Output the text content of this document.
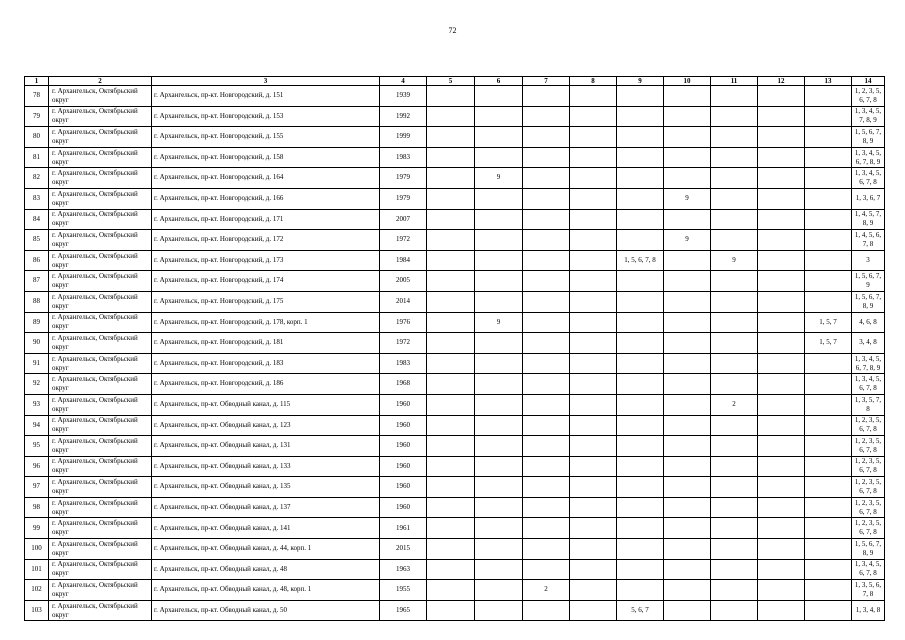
72
1	2	3	4	5	6	7	8	9	10	11	12	13	14
78	г. Архангельск, Октябрьский округ	г. Архангельск, пр-кт. Новгородский, д. 151	1939										1, 2, 3, 5, 6, 7, 8
79	г. Архангельск, Октябрьский округ	г. Архангельск, пр-кт. Новгородский, д. 153	1992										1, 3, 4, 5, 7, 8, 9
80	г. Архангельск, Октябрьский округ	г. Архангельск, пр-кт. Новгородский, д. 155	1999										1, 5, 6, 7, 8, 9
81	г. Архангельск, Октябрьский округ	г. Архангельск, пр-кт. Новгородский, д. 158	1983										1, 3, 4, 5, 6, 7, 8, 9
82	г. Архангельск, Октябрьский округ	г. Архангельск, пр-кт. Новгородский, д. 164	1979		9								1, 3, 4, 5, 6, 7, 8
83	г. Архангельск, Октябрьский округ	г. Архангельск, пр-кт. Новгородский, д. 166	1979						9				1, 3, 6, 7
84	г. Архангельск, Октябрьский округ	г. Архангельск, пр-кт. Новгородский, д. 171	2007										1, 4, 5, 7, 8, 9
85	г. Архангельск, Октябрьский округ	г. Архангельск, пр-кт. Новгородский, д. 172	1972						9				1, 4, 5, 6, 7, 8
86	г. Архангельск, Октябрьский округ	г. Архангельск, пр-кт. Новгородский, д. 173	1984					1, 5, 6, 7, 8		9			3
87	г. Архангельск, Октябрьский округ	г. Архангельск, пр-кт. Новгородский, д. 174	2005										1, 5, 6, 7, 9
88	г. Архангельск, Октябрьский округ	г. Архангельск, пр-кт. Новгородский, д. 175	2014										1, 5, 6, 7, 8, 9
89	г. Архангельск, Октябрьский округ	г. Архангельск, пр-кт. Новгородский, д. 178, корп. 1	1976		9							1, 5, 7	4, 6, 8
90	г. Архангельск, Октябрьский округ	г. Архангельск, пр-кт. Новгородский, д. 181	1972									1, 5, 7	3, 4, 8
91	г. Архангельск, Октябрьский округ	г. Архангельск, пр-кт. Новгородский, д. 183	1983										1, 3, 4, 5, 6, 7, 8, 9
92	г. Архангельск, Октябрьский округ	г. Архангельск, пр-кт. Новгородский, д. 186	1968										1, 3, 4, 5, 6, 7, 8
93	г. Архангельск, Октябрьский округ	г. Архангельск, пр-кт. Обводный канал, д. 115	1960							2			1, 3, 5, 7, 8
94	г. Архангельск, Октябрьский округ	г. Архангельск, пр-кт. Обводный канал, д. 123	1960										1, 2, 3, 5, 6, 7, 8
95	г. Архангельск, Октябрьский округ	г. Архангельск, пр-кт. Обводный канал, д. 131	1960										1, 2, 3, 5, 6, 7, 8
96	г. Архангельск, Октябрьский округ	г. Архангельск, пр-кт. Обводный канал, д. 133	1960										1, 2, 3, 5, 6, 7, 8
97	г. Архангельск, Октябрьский округ	г. Архангельск, пр-кт. Обводный канал, д. 135	1960										1, 2, 3, 5, 6, 7, 8
98	г. Архангельск, Октябрьский округ	г. Архангельск, пр-кт. Обводный канал, д. 137	1960										1, 2, 3, 5, 6, 7, 8
99	г. Архангельск, Октябрьский округ	г. Архангельск, пр-кт. Обводный канал, д. 141	1961										1, 2, 3, 5, 6, 7, 8
100	г. Архангельск, Октябрьский округ	г. Архангельск, пр-кт. Обводный канал, д. 44, корп. 1	2015										1, 5, 6, 7, 8, 9
101	г. Архангельск, Октябрьский округ	г. Архангельск, пр-кт. Обводный канал, д. 48	1963										1, 3, 4, 5, 6, 7, 8
102	г. Архангельск, Октябрьский округ	г. Архангельск, пр-кт. Обводный канал, д. 48, корп. 1	1955			2							1, 3, 5, 6, 7, 8
103	г. Архангельск, Октябрьский округ	г. Архангельск, пр-кт. Обводный канал, д. 50	1965					5, 6, 7					1, 3, 4, 8
